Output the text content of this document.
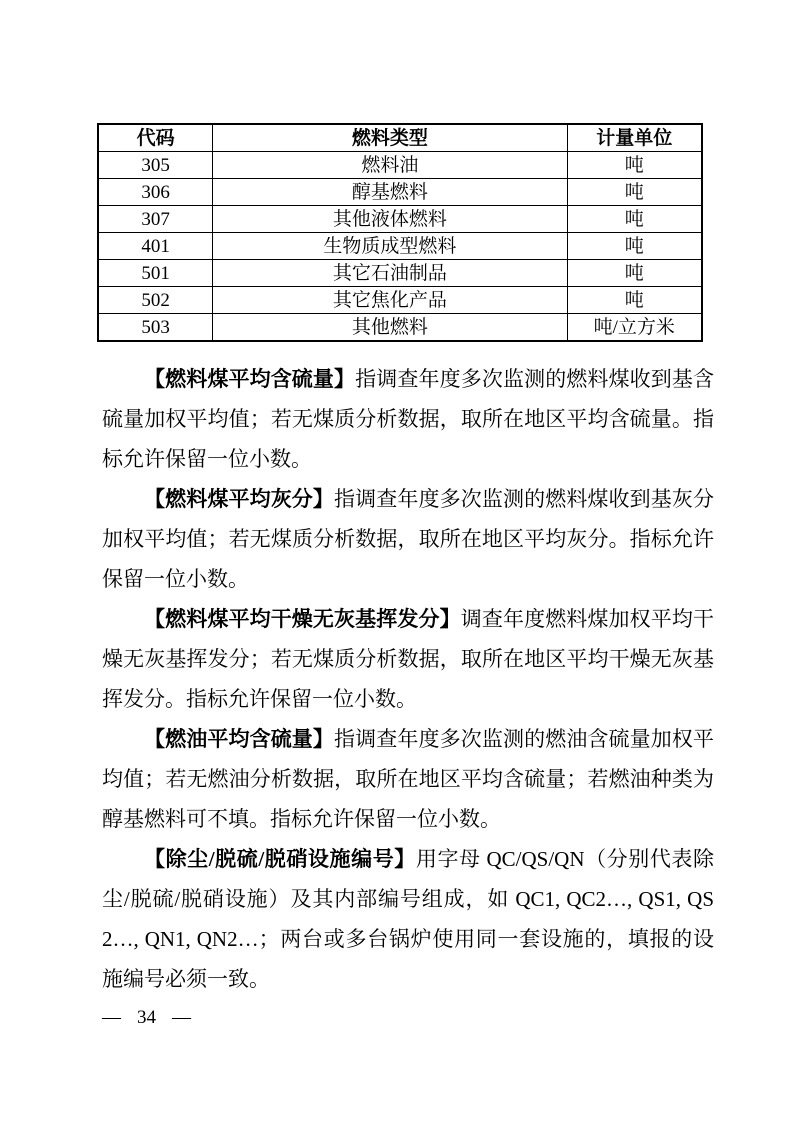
代码	燃料类型	计量单位
305	燃料油	吨
306	醇基燃料	吨
307	其他液体燃料	吨
401	生物质成型燃料	吨
501	其它石油制品	吨
502	其它焦化产品	吨
503	其他燃料	吨/立方米

【燃料煤平均含硫量】指调查年度多次监测的燃料煤收到基含硫量加权平均值；若无煤质分析数据，取所在地区平均含硫量。指标允许保留一位小数。

【燃料煤平均灰分】指调查年度多次监测的燃料煤收到基灰分加权平均值；若无煤质分析数据，取所在地区平均灰分。指标允许保留一位小数。

【燃料煤平均干燥无灰基挥发分】调查年度燃料煤加权平均干燥无灰基挥发分；若无煤质分析数据，取所在地区平均干燥无灰基挥发分。指标允许保留一位小数。

【燃油平均含硫量】指调查年度多次监测的燃油含硫量加权平均值；若无燃油分析数据，取所在地区平均含硫量；若燃油种类为醇基燃料可不填。指标允许保留一位小数。

【除尘/脱硫/脱硝设施编号】用字母 QC/QS/QN（分别代表除尘/脱硫/脱硝设施）及其内部编号组成，如 QC1, QC2…, QS1, QS2…, QN1, QN2…；两台或多台锅炉使用同一套设施的，填报的设施编号必须一致。

— 34 —
